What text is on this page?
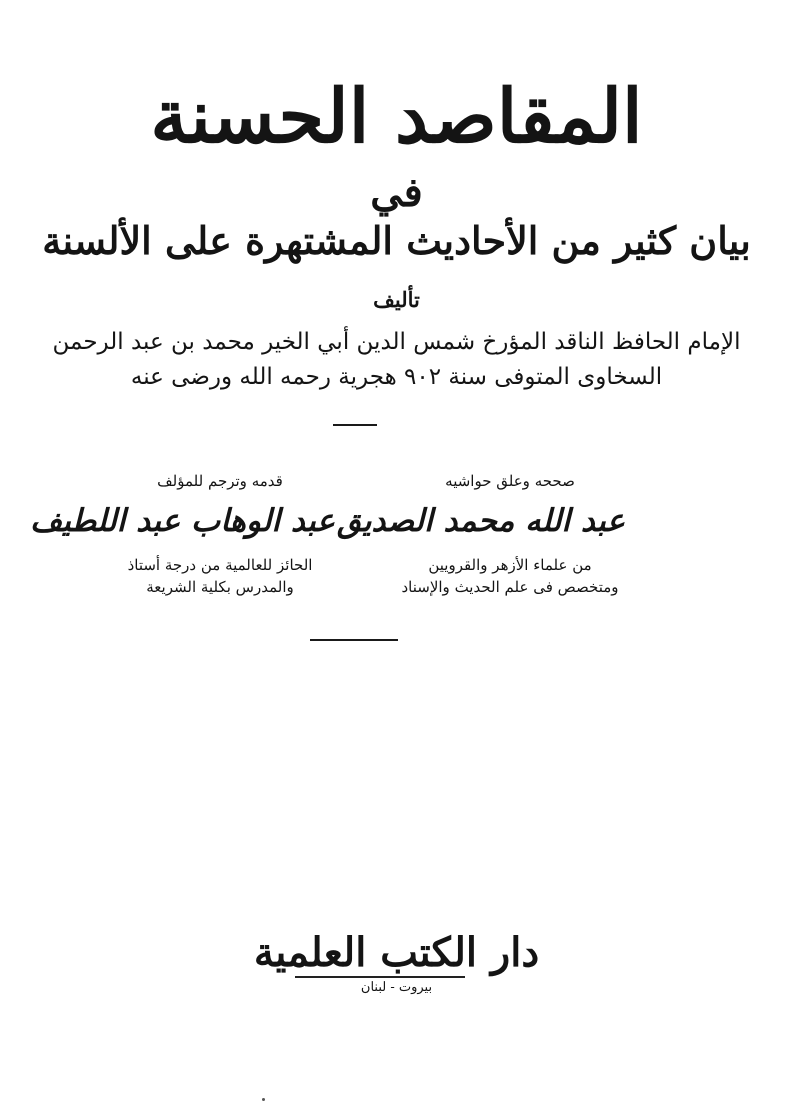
المقاصد الحسنة
في
بيان كثير من الأحاديث المشتهرة على الألسنة
تأليف
الإمام الحافظ الناقد المؤرخ شمس الدين أبي الخير محمد بن عبد الرحمن
السخاوى المتوفى سنة ٩٠٢ هجرية رحمه الله ورضى عنه
صححه وعلق حواشيه
عبد الله محمد الصديق
من علماء الأزهر والقرويين
ومتخصص فى علم الحديث والإسناد
قدمه وترجم للمؤلف
عبد الوهاب عبد اللطيف
الحائز للعالمية من درجة أستاذ
والمدرس بكلية الشريعة
دار الكتب العلمية
بيروت - لبنان
